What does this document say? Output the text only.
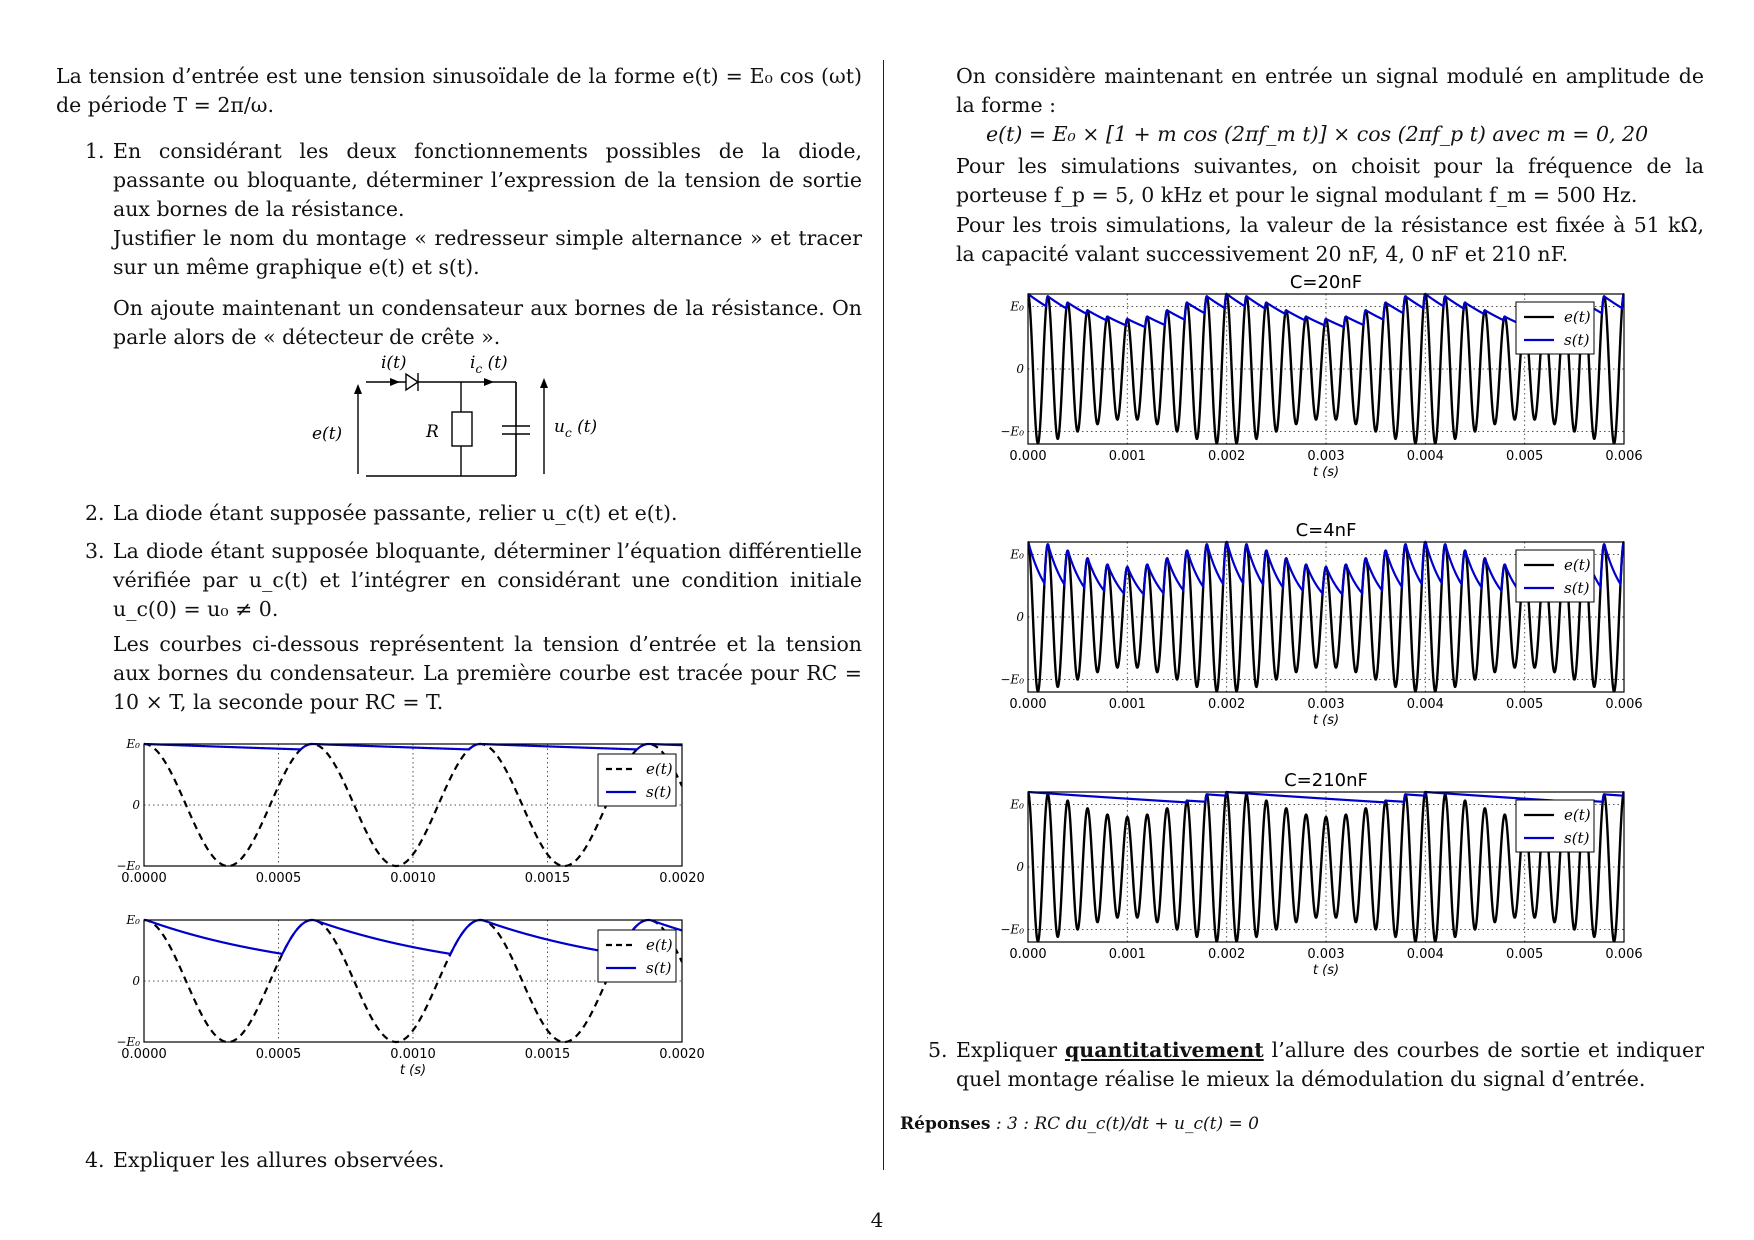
La tension d’entrée est une tension sinusoïdale de la forme e(t) = E₀ cos (ωt) de période T = 2π/ω.

1. En considérant les deux fonctionnements possibles de la diode, passante ou bloquante, déterminer l’expression de la tension de sortie aux bornes de la résistance.

Justifier le nom du montage « redresseur simple alternance » et tracer sur un même graphique e(t) et s(t).

On ajoute maintenant un condensateur aux bornes de la résistance. On parle alors de « détecteur de crête ».

i(t)	$i_c$ (t)
e(t)	R	$u_c$ (t)
2. La diode étant supposée passante, relier u_c(t) et e(t).

3. La diode étant supposée bloquante, déterminer l’équation différentielle vérifiée par u_c(t) et l’intégrer en considérant une condition initiale u_c(0) = u₀ ≠ 0.

Les courbes ci-dessous représentent la tension d’entrée et la tension aux bornes du condensateur. La première courbe est tracée pour RC = 10 × T, la seconde pour RC = T.

4. Expliquer les allures observées.

On considère maintenant en entrée un signal modulé en amplitude de la forme :

e(t) = E₀ × [1 + m cos (2πf_m t)] × cos (2πf_p t) avec m = 0, 20

Pour les simulations suivantes, on choisit pour la fréquence de la porteuse f_p = 5, 0 kHz et pour le signal modulant f_m = 500 Hz.

Pour les trois simulations, la valeur de la résistance est fixée à 51 kΩ, la capacité valant successivement 20 nF, 4, 0 nF et 210 nF.

5. Expliquer quantitativement l’allure des courbes de sortie et indiquer quel montage réalise le mieux la démodulation du signal d’entrée.

Réponses : 3 : RC du_c(t)/dt + u_c(t) = 0

0.0000	0.0005	0.0010	0.0015	0.0020
E₀
0
−E₀
e(t)
s(t)
0.0000	0.0005	0.0010	0.0015	0.0020
E₀
0
−E₀
t (s)
e(t)
s(t)
C=20nF
0.000	0.001	0.002	0.003	0.004	0.005	0.006
E₀
0
−E₀
t (s)
e(t)
s(t)
C=4nF
0.000	0.001	0.002	0.003	0.004	0.005	0.006
E₀
0
−E₀
t (s)
e(t)
s(t)
C=210nF
0.000	0.001	0.002	0.003	0.004	0.005	0.006
E₀
0
−E₀
t (s)
e(t)
s(t)
4
